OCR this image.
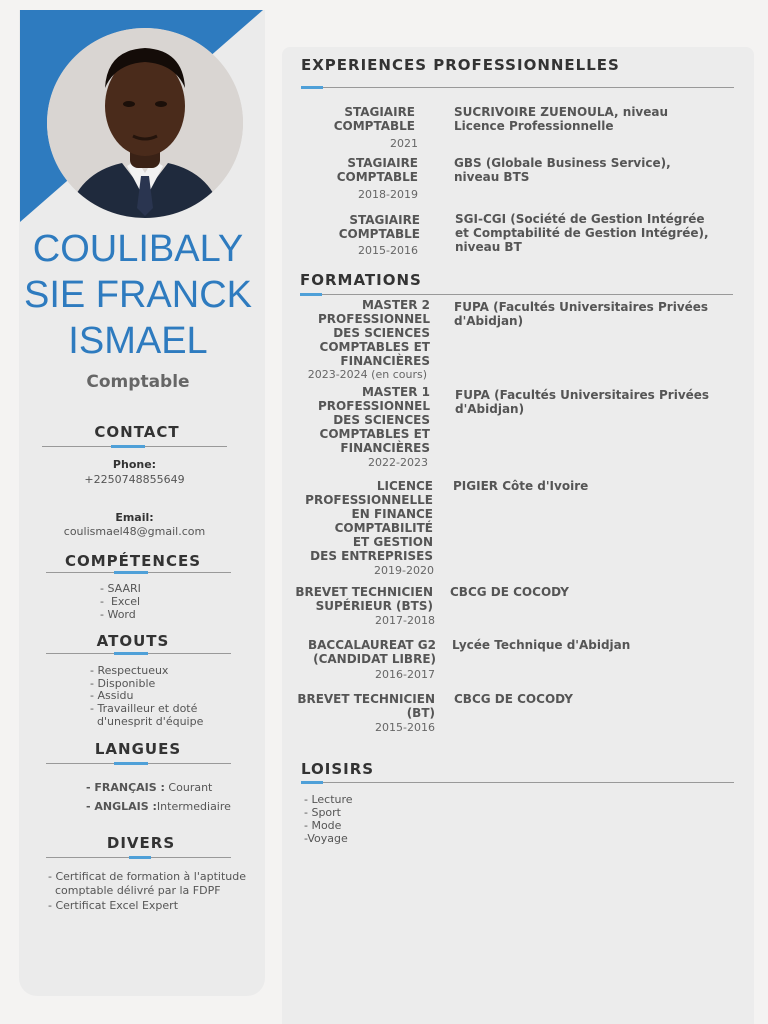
COULIBALY
SIE FRANCK
ISMAEL
Comptable
CONTACT
Phone:
+2250748855649
Email:
coulismael48@gmail.com
COMPÉTENCES
- SAARI
-  Excel
- Word
ATOUTS
- Respectueux
- Disponible
- Assidu
- Travailleur et doté
d'unesprit d'équipe
LANGUES
- FRANÇAIS : Courant
- ANGLAIS :Intermediaire
DIVERS
- Certificat de formation à l'aptitude
comptable délivré par la FDPF
- Certificat Excel Expert
EXPERIENCES PROFESSIONNELLES
STAGIAIRE
COMPTABLE
2021
SUCRIVOIRE ZUENOULA, niveau
Licence Professionnelle
STAGIAIRE
COMPTABLE
2018-2019
GBS (Globale Business Service),
niveau BTS
STAGIAIRE
COMPTABLE
2015-2016
SGI-CGI (Société de Gestion Intégrée
et Comptabilité de Gestion Intégrée),
niveau BT
FORMATIONS
MASTER 2
PROFESSIONNEL
DES SCIENCES
COMPTABLES ET
FINANCIÈRES
2023-2024 (en cours)
FUPA (Facultés Universitaires Privées d'Abidjan)
MASTER 1
PROFESSIONNEL
DES SCIENCES
COMPTABLES ET
FINANCIÈRES
2022-2023
FUPA (Facultés Universitaires Privées d'Abidjan)
LICENCE
PROFESSIONNELLE
EN FINANCE
COMPTABILITÉ
ET GESTION
DES ENTREPRISES
2019-2020
PIGIER Côte d'Ivoire
BREVET TECHNICIEN
SUPÉRIEUR (BTS)
2017-2018
CBCG DE COCODY
BACCALAUREAT G2
(CANDIDAT LIBRE)
2016-2017
Lycée Technique d'Abidjan
BREVET TECHNICIEN
(BT)
2015-2016
CBCG DE COCODY
LOISIRS
- Lecture
- Sport
- Mode
-Voyage
